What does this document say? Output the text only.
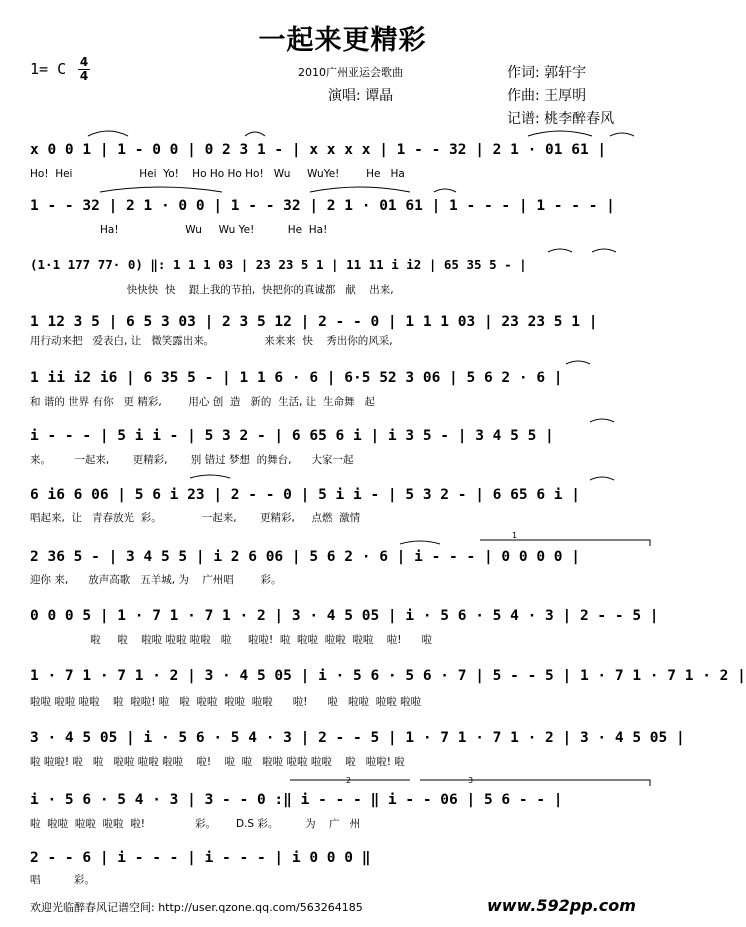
一起来更精彩
1= C 4
4	2010广州亚运会歌曲
演唱: 谭晶
作词: 郭轩宇
作曲: 王厚明
记谱: 桃李醉春风
x 0 0 1 | 1 - 0 0 | 0 2 3 1 - | x x x x | 1 - - 32 | 2 1 · 01 61 |
Ho!  Hei                    Hei  Yo!    Ho Ho Ho Ho!   Wu     WuYe!        He   Ha
1 - - 32 | 2 1 · 0 0 | 1 - - 32 | 2 1 · 01 61 | 1 - - - | 1 - - - |
Ha!                    Wu     Wu Ye!          He  Ha!
(1·1 177 77· 0) ‖: 1 1 1 03 | 23 23 5 1 | 11 11 i i2 | 65 35 5 - |
快快快  快    跟上我的节拍,  快把你的真诚都   献    出来,
1 12 3 5 | 6 5 3 03 | 2 3 5 12 | 2 - - 0 | 1 1 1 03 | 23 23 5 1 |
用行动来把   爱表白, 让   微笑露出来。               来来来  快    秀出你的风采,
1 ii i2 i6 | 6 35 5 - | 1 1 6 · 6 | 6·5 52 3 06 | 5 6 2 · 6 |
和 谐的 世界 有你   更 精彩,        用心 创  造   新的  生活, 让  生命舞   起
i - - - | 5 i i - | 5 3 2 - | 6 65 6 i | i 3 5 - | 3 4 5 5 |
来。       一起来,       更精彩,       别 错过 梦想  的舞台,      大家一起
6 i6 6 06 | 5 6 i 23 | 2 - - 0 | 5 i i - | 5 3 2 - | 6 65 6 i |
唱起来,  让   青春放光  彩。            一起来,       更精彩,     点燃  激情
2 36 5 - | 3 4 5 5 | i 2 6 06 | 5 6 2 · 6 | i - - - | 0 0 0 0 |
迎你 来,      放声高歌   五羊城, 为    广州唱        彩。
0 0 0 5 | 1 · 7 1 · 7 1 · 2 | 3 · 4 5 05 | i · 5 6 · 5 4 · 3 | 2 - - 5 |
啦     啦    啦啦 啦啦 啦啦   啦     啦啦!  啦  啦啦  啦啦  啦啦    啦!      啦
1 · 7 1 · 7 1 · 2 | 3 · 4 5 05 | i · 5 6 · 5 6 · 7 | 5 - - 5 | 1 · 7 1 · 7 1 · 2 |
啦啦 啦啦 啦啦    啦  啦啦! 啦   啦  啦啦  啦啦  啦啦      啦!      啦   啦啦  啦啦 啦啦
3 · 4 5 05 | i · 5 6 · 5 4 · 3 | 2 - - 5 | 1 · 7 1 · 7 1 · 2 | 3 · 4 5 05 |
啦 啦啦! 啦   啦   啦啦 啦啦 啦啦    啦!    啦  啦   啦啦 啦啦 啦啦    啦   啦啦! 啦
i · 5 6 · 5 4 · 3 | 3 - - 0 :‖ i - - - ‖ i - - 06 | 5 6 - - |
啦  啦啦  啦啦  啦啦  啦!               彩。      D.S 彩。        为    广   州
2 - - 6 | i - - - | i - - - | i 0 0 0 ‖
唱          彩。
1
2	3
欢迎光临醉春风记谱空间: http://user.qzone.qq.com/563264185	www.592pp.com
